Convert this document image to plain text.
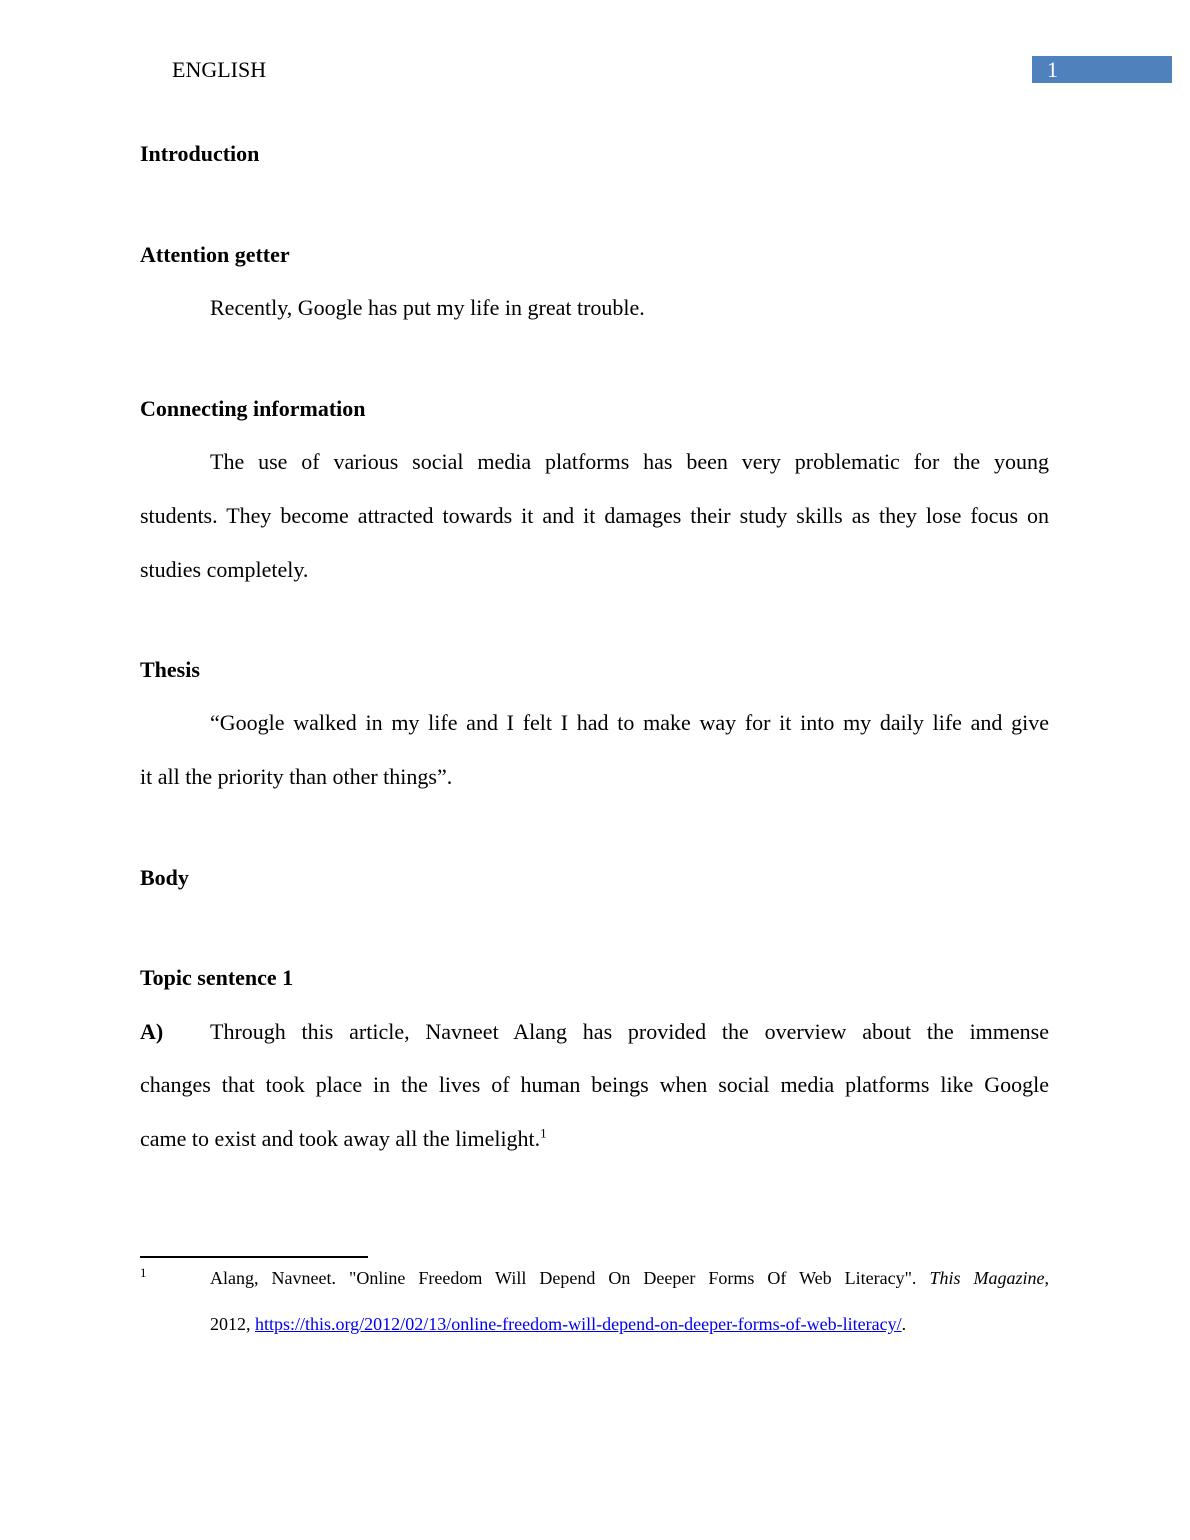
ENGLISH	1
Introduction
Attention getter
Recently, Google has put my life in great trouble.
Connecting information
The use of various social media platforms has been very problematic for the young
students. They become attracted towards it and it damages their study skills as they lose focus on
studies completely.
Thesis
“Google walked in my life and I felt I had to make way for it into my daily life and give
it all the priority than other things”.
Body
Topic sentence 1
A) Through this article, Navneet Alang has provided the overview about the immense
changes that took place in the lives of human beings when social media platforms like Google
came to exist and took away all the limelight.$^1$
1	Alang, Navneet. "Online Freedom Will Depend On Deeper Forms Of Web Literacy". This Magazine,
2012, https://this.org/2012/02/13/online-freedom-will-depend-on-deeper-forms-of-web-literacy/.
